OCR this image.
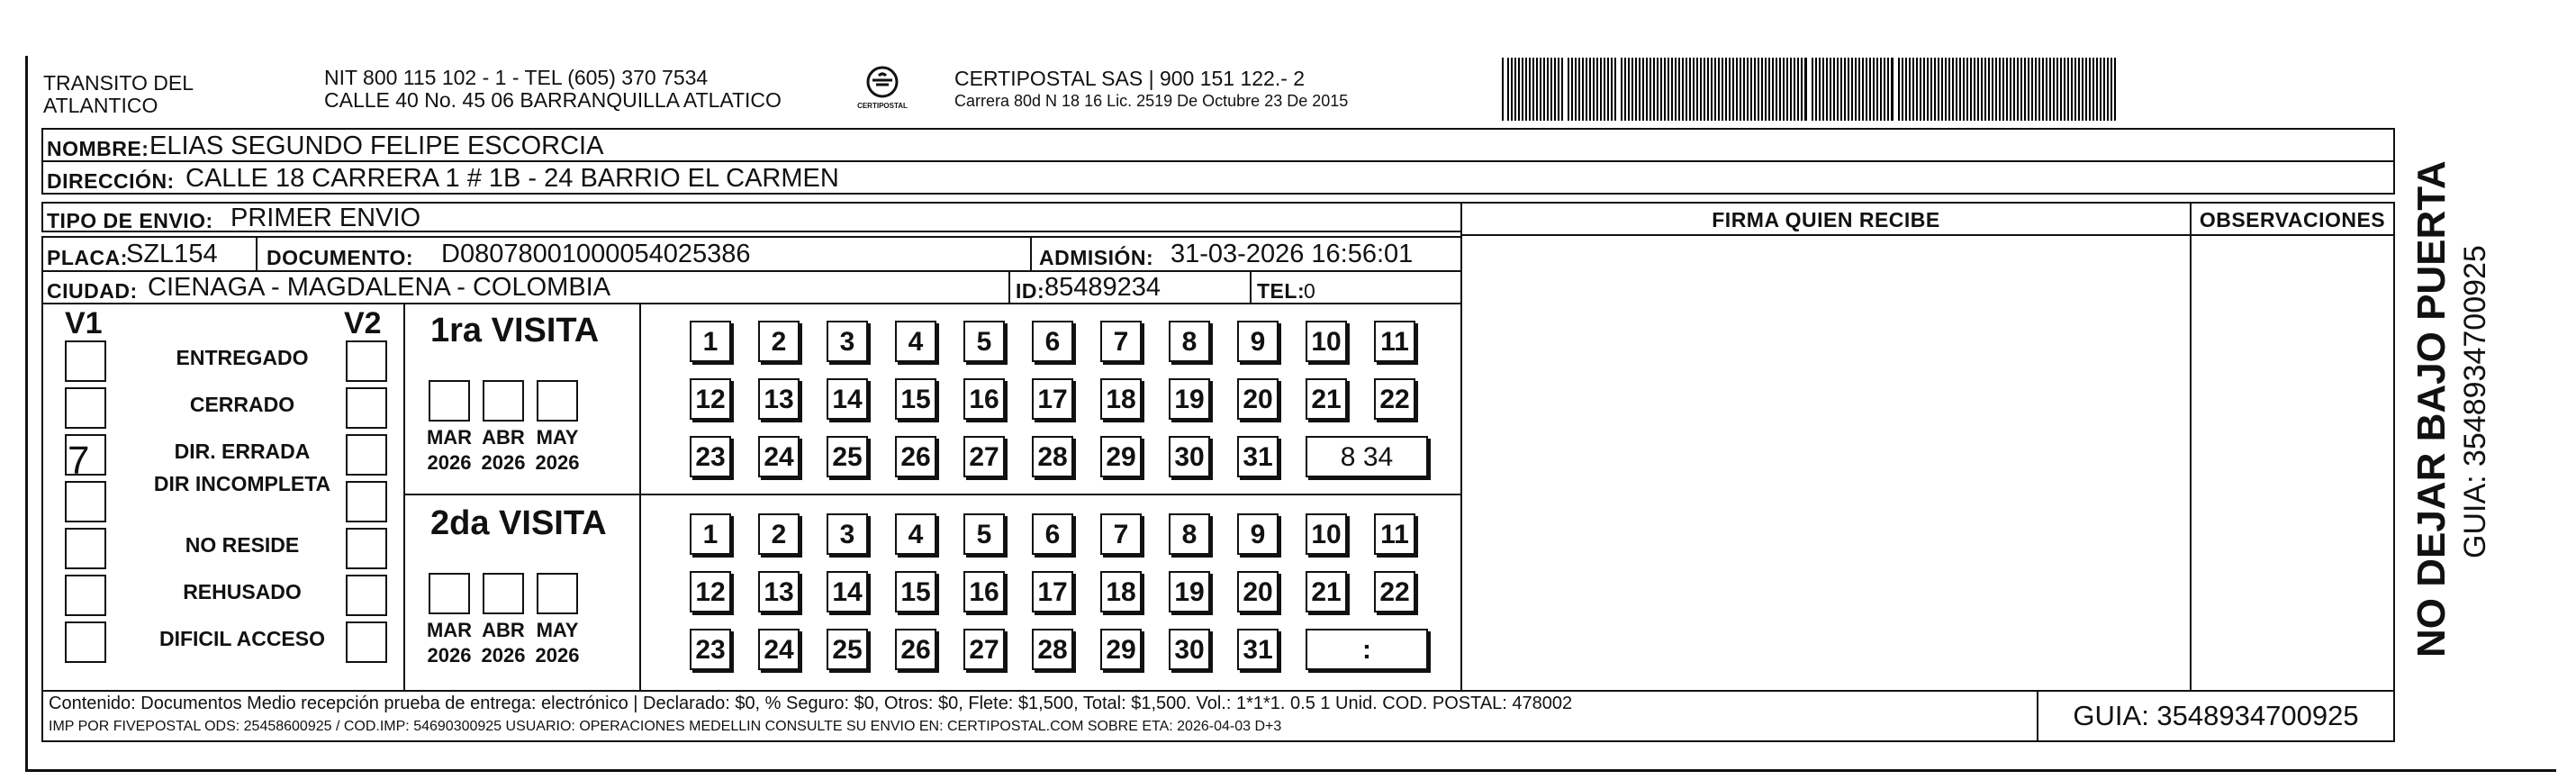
TRANSITO DEL
ATLANTICO
NIT 800 115 102 - 1 - TEL (605) 370 7534
CALLE 40 No. 45 06 BARRANQUILLA ATLATICO	CERTIPOSTAL
CERTIPOSTAL SAS | 900 151 122.- 2
Carrera 80d N 18 16 Lic. 2519 De Octubre 23 De 2015
NOMBRE: ELIAS SEGUNDO FELIPE ESCORCIA
DIRECCIÓN: CALLE 18 CARRERA 1 # 1B - 24 BARRIO EL CARMEN
TIPO DE ENVIO: PRIMER ENVIO
PLACA:
SZL154 DOCUMENTO: D08078001000054025386	ADMISIÓN: 31-03-2026 16:56:01
CIUDAD: CIENAGA - MAGDALENA - COLOMBIA	ID: 85489234	TEL:
0
FIRMA QUIEN RECIBE	OBSERVACIONES
V1	V2
7
ENTREGADO
CERRADO
DIR. ERRADA
DIR INCOMPLETA
NO RESIDE
REHUSADO
DIFICIL ACCESO
1ra VISITA
MAR
2026
ABR
2026
MAY
2026
1	2	3	4	5	6	7	8	9	10 11
12 13 14 15 16 17 18 19 20 21 22
23 24 25 26 27 28 29 30 31	8 34
2da VISITA
MAR
2026
ABR
2026
MAY
2026
1	2	3	4	5	6	7	8	9	10 11
12 13 14 15 16 17 18 19 20 21 22
23 24 25 26 27 28 29 30 31	:
Contenido: Documentos Medio recepción prueba de entrega: electrónico | Declarado: $0, % Seguro: $0, Otros: $0, Flete: $1,500, Total: $1,500. Vol.: 1*1*1. 0.5 1 Unid. COD. POSTAL: 478002
IMP POR FIVEPOSTAL ODS: 25458600925 / COD.IMP: 54690300925 USUARIO: OPERACIONES MEDELLIN CONSULTE SU ENVIO EN: CERTIPOSTAL.COM SOBRE ETA: 2026-04-03 D+3	GUIA: 3548934700925
NO DEJAR BAJO PUERTA GUIA: 3548934700925
